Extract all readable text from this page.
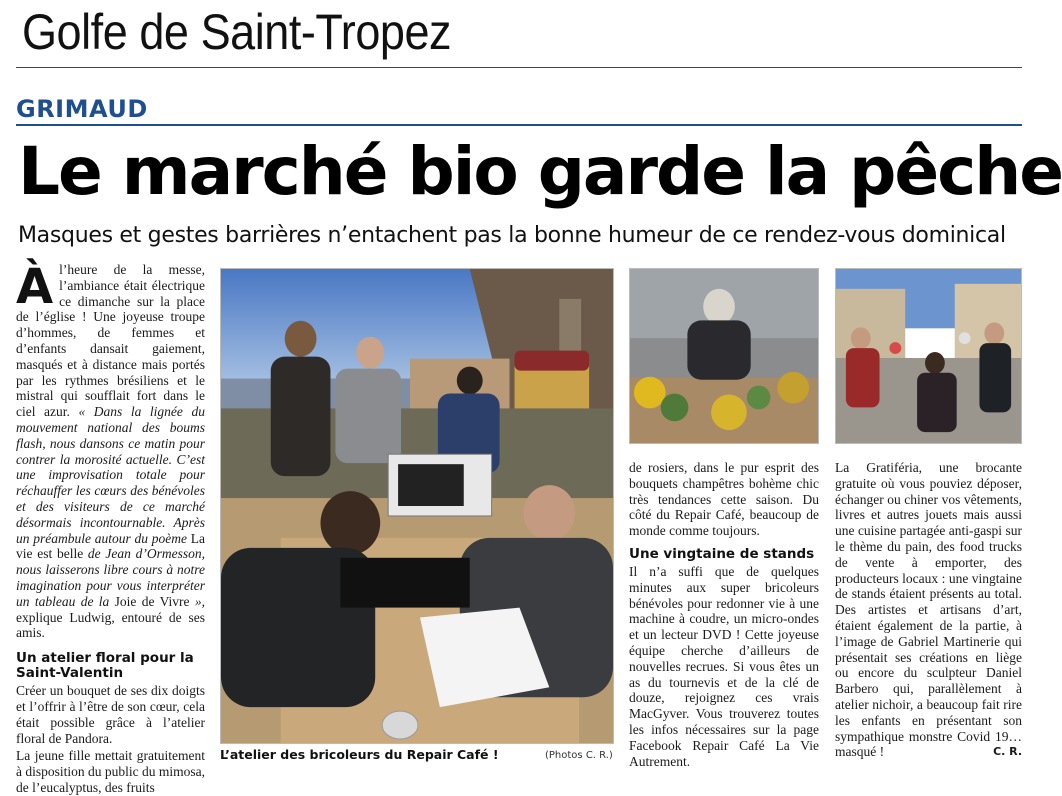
Golfe de Saint-Tropez
GRIMAUD
Le marché bio garde la pêche
Masques et gestes barrières n’entachent pas la bonne humeur de ce rendez-vous dominical

À l’heure de la messe, l’ambiance était électrique ce dimanche sur la place de l’église ! Une joyeuse troupe d’hommes, de femmes et d’enfants dansait gaiement, masqués et à distance mais portés par les rythmes brésiliens et le mistral qui soufflait fort dans le ciel azur. « Dans la lignée du mouvement national des boums flash, nous dansons ce matin pour contrer la morosité actuelle. C’est une improvisation totale pour réchauffer les cœurs des bénévoles et des visiteurs de ce marché désormais incontournable. Après un préambule autour du poème La vie est belle de Jean d’Ormesson, nous laisserons libre cours à notre imagination pour vous interpréter un tableau de la Joie de Vivre », explique Ludwig, entouré de ses amis.

Un atelier floral pour la Saint-Valentin

Créer un bouquet de ses dix doigts et l’offrir à l’être de son cœur, cela était possible grâce à l’atelier floral de Pandora.

La jeune fille mettait gratuitement à disposition du public du mimosa, de l’eucalyptus, des fruits

de rosiers, dans le pur esprit des bouquets champêtres bohème chic très tendances cette saison. Du côté du Repair Café, beaucoup de monde comme toujours.

Une vingtaine de stands

Il n’a suffi que de quelques minutes aux super bricoleurs bénévoles pour redonner vie à une machine à coudre, un micro-ondes et un lecteur DVD ! Cette joyeuse équipe cherche d’ailleurs de nouvelles recrues. Si vous êtes un as du tournevis et de la clé de douze, rejoignez ces vrais MacGyver. Vous trouverez toutes les infos nécessaires sur la page Facebook Repair Café La Vie Autrement.

La Gratiféria, une brocante gratuite où vous pouviez déposer, échanger ou chiner vos vêtements, livres et autres jouets mais aussi une cuisine partagée anti-gaspi sur le thème du pain, des food trucks de vente à emporter, des producteurs locaux : une vingtaine de stands étaient présents au total. Des artistes et artisans d’art, étaient également de la partie, à l’image de Gabriel Martinerie qui présentait ses créations en liège ou encore du sculpteur Daniel Barbero qui, parallèlement à atelier nichoir, a beaucoup fait rire les enfants en présentant son sympathique monstre Covid 19… masqué !	C. R.

L’atelier des bricoleurs du Repair Café !	(Photos C. R.)
